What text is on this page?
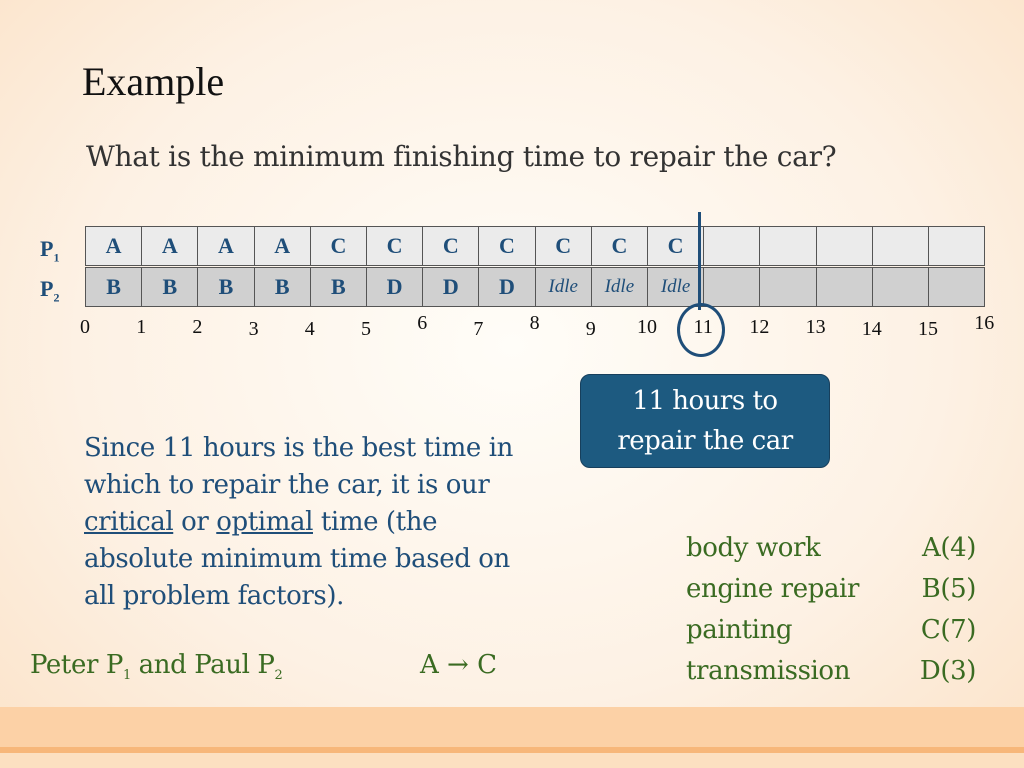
Example
What is the minimum finishing time to repair the car?
$P_1$
$P_2$
A	A	A	A	C	C	C	C	C	C	C
B	B	B	B	B	D	D	D	Idle	Idle	Idle
0 1 2 3 4 5 6 7 8 9 10 11 12 13 14 15 16
11 hours to
repair the car
Since 11 hours is the best time in which to repair the car, it is our critical or optimal time (the absolute minimum time based on all problem factors).
body work	A(4)
engine repair B(5)
painting	C(7)
transmission	D(3)
Peter $P_1$ and Paul $P_2$	A → C
